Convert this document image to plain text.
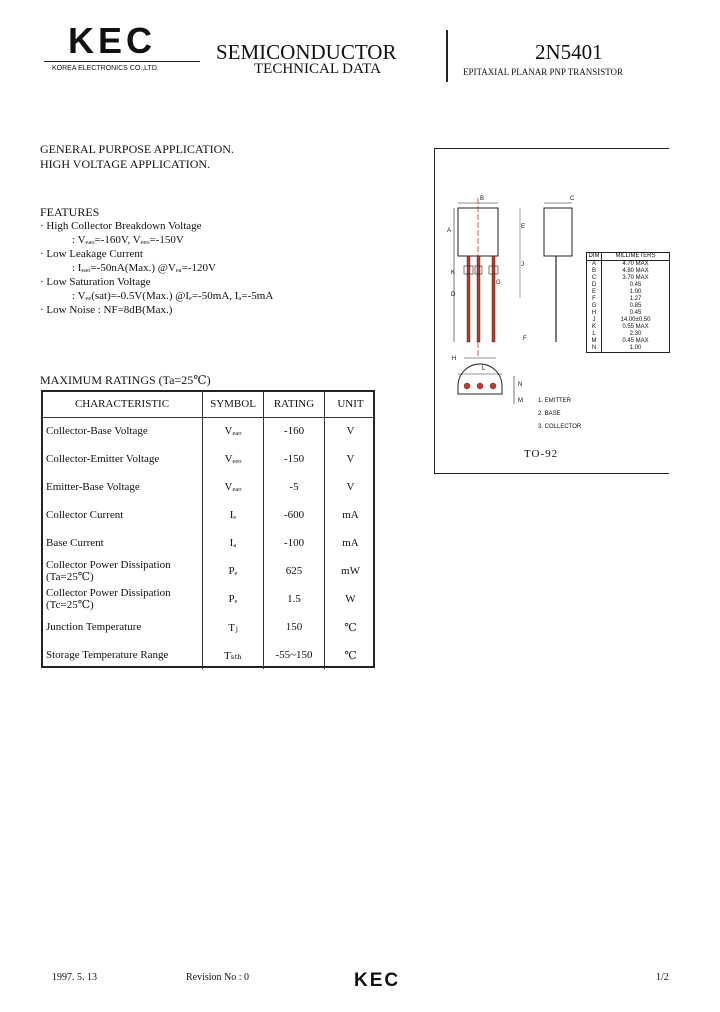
KEC
KOREA ELECTRONICS CO.,LTD.
SEMICONDUCTOR
TECHNICAL DATA
2N5401
EPITAXIAL PLANAR PNP TRANSISTOR
GENERAL PURPOSE APPLICATION.
HIGH VOLTAGE APPLICATION.
FEATURES
· High Collector Breakdown Voltage
: Vₑₐₒ=-160V, Vₑₑₒ=-150V
· Low Leakage Current
: Iₑₐₒ=-50nA(Max.) @Vₑₐ=-120V
· Low Saturation Voltage
: Vₑₑ(sat)=-0.5V(Max.) @Iₑ=-50mA, Iₐ=-5mA
· Low Noise : NF=8dB(Max.)
MAXIMUM RATINGS (Ta=25℃)
CHARACTERISTIC	SYMBOL	RATING	UNIT
Collector-Base Voltage	Vₑₐₒ	-160	V
Collector-Emitter Voltage	Vₑₑₒ	-150	V
Emitter-Base Voltage	Vₑₐₒ	-5	V
Collector Current	Iₑ	-600	mA
Base Current	Iₐ	-100	mA
Collector Power Dissipation (Ta=25℃)	Pₑ	625	mW
Collector Power Dissipation (Tc=25℃)	Pₑ	1.5	W
Junction Temperature	Tⱼ	150	℃
Storage Temperature Range	Tₛₜₕ	-55~150	℃
B
A
C
K
D
G
E
F
L
H
J
N
M
DIM	MILLIMETERS
A	4.70 MAX
B	4.80 MAX
C	3.70 MAX
D	0.45
E	1.00
F	1.27
G	0.85
H	0.45
J	14.00±0.50
K	0.55 MAX
L	2.30
M	0.45 MAX
N	1.00
1. EMITTER
2. BASE
3. COLLECTOR
TO-92
1997. 5. 13	Revision No : 0	KEC	1/2
